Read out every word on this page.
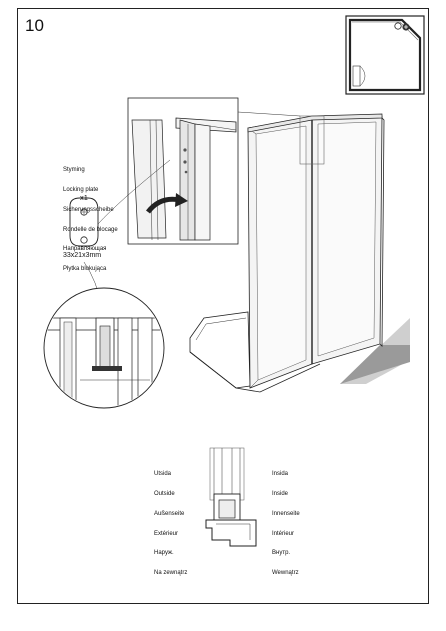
10

Styming

Locking plate

Sicherungsscheibe

Rondelle de blocage

Направляющая

Płytka blokująca

x1
33x21x3mm

Utsida

Outside

Außenseite

Extérieur

Наруж.

Na zewnątrz

Insida

Inside

Innenseite

Intérieur

Внутр.

Wewnątrz
